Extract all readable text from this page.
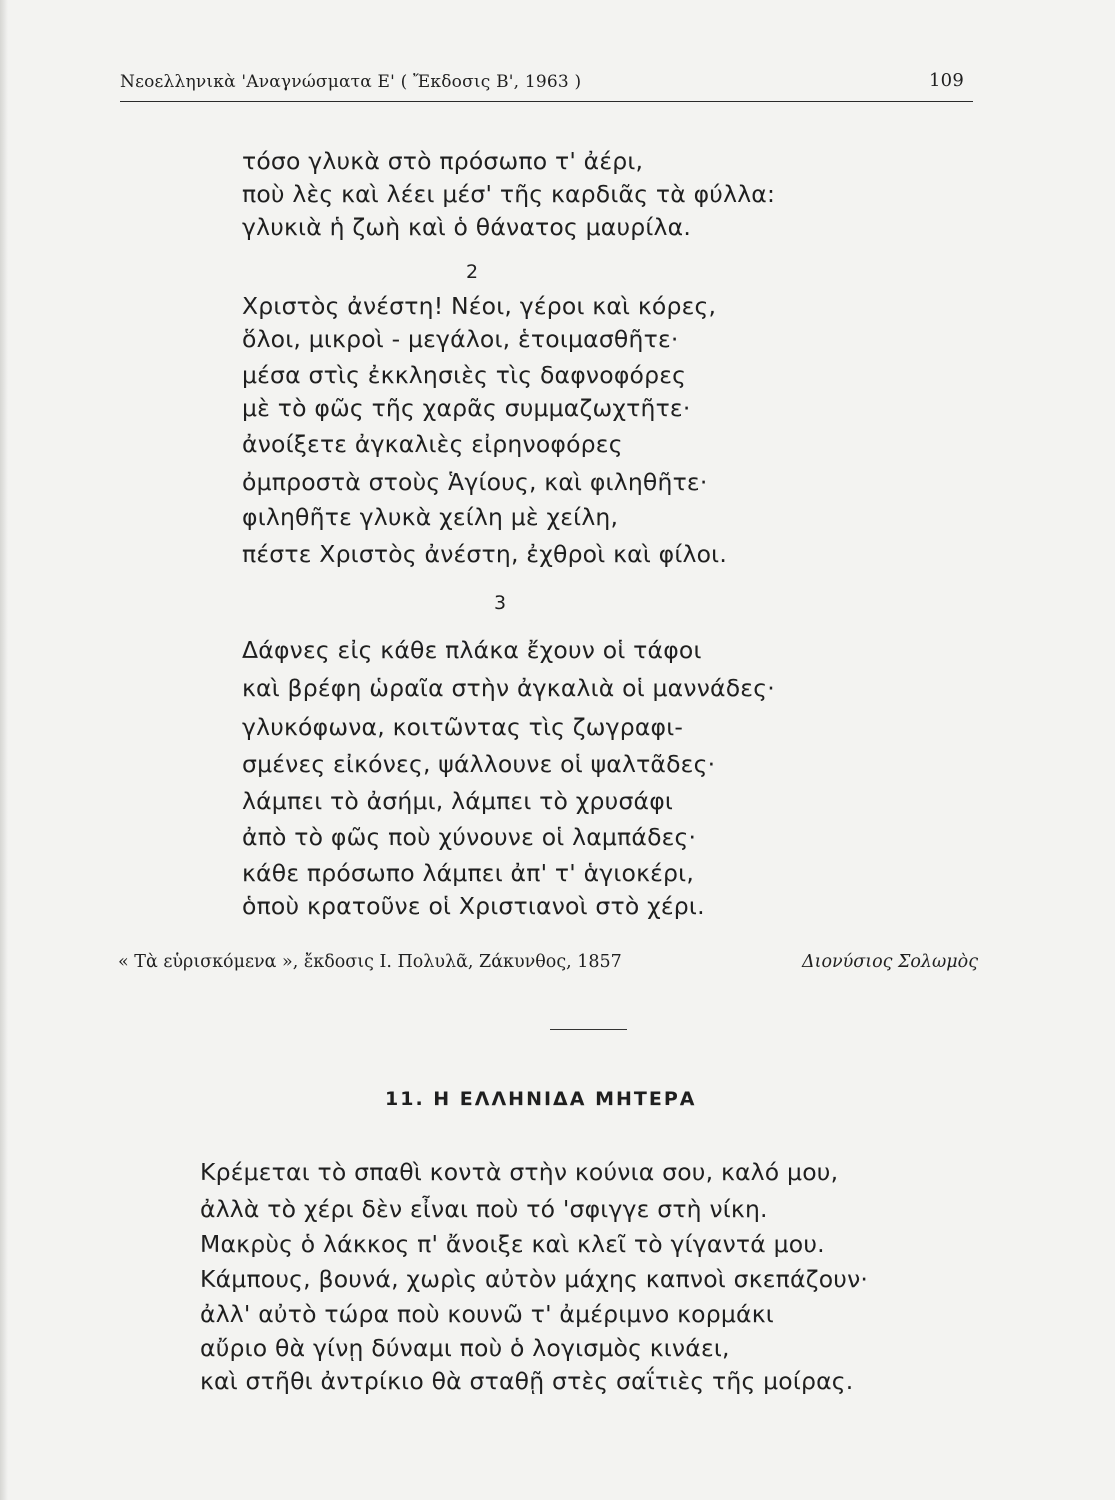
Νεοελληνικὰ 'Αναγνώσματα Ε' ( Ἔκδοσις Β', 1963 )	109
τόσο γλυκὰ στὸ πρόσωπο τ' ἀέρι,
ποὺ λὲς καὶ λέει μέσ' τῆς καρδιᾶς τὰ φύλλα:
γλυκιὰ ἡ ζωὴ καὶ ὁ θάνατος μαυρίλα.
2
Χριστὸς ἀνέστη! Νέοι, γέροι καὶ κόρες,
ὅλοι, μικροὶ - μεγάλοι, ἑτοιμασθῆτε·
μέσα στὶς ἐκκλησιὲς τὶς δαφνοφόρες
μὲ τὸ φῶς τῆς χαρᾶς συμμαζωχτῆτε·
ἀνοίξετε ἀγκαλιὲς εἰρηνοφόρες
ὀμπροστὰ στοὺς Ἁγίους, καὶ φιληθῆτε·
φιληθῆτε γλυκὰ χείλη μὲ χείλη,
πέστε Χριστὸς ἀνέστη, ἐχθροὶ καὶ φίλοι.
3
Δάφνες εἰς κάθε πλάκα ἔχουν οἱ τάφοι
καὶ βρέφη ὡραῖα στὴν ἀγκαλιὰ οἱ μαννάδες·
γλυκόφωνα, κοιτῶντας τὶς ζωγραφι-
σμένες εἰκόνες, ψάλλουνε οἱ ψαλτᾶδες·
λάμπει τὸ ἀσήμι, λάμπει τὸ χρυσάφι
ἀπὸ τὸ φῶς ποὺ χύνουνε οἱ λαμπάδες·
κάθε πρόσωπο λάμπει ἀπ' τ' ἁγιοκέρι,
ὁποὺ κρατοῦνε οἱ Χριστιανοὶ στὸ χέρι.
« Τὰ εὑρισκόμενα », ἔκδοσις Ι. Πολυλᾶ, Ζάκυνθος, 1857	Διονύσιος Σολωμὸς
11. Η ΕΛΛΗΝΙΔΑ ΜΗΤΕΡΑ
Κρέμεται τὸ σπαθὶ κοντὰ στὴν κούνια σου, καλό μου,
ἀλλὰ τὸ χέρι δὲν εἶναι ποὺ τό 'σφιγγε στὴ νίκη.
Μακρὺς ὁ λάκκος π' ἄνοιξε καὶ κλεῖ τὸ γίγαντά μου.
Κάμπους, βουνά, χωρὶς αὐτὸν μάχης καπνοὶ σκεπάζουν·
ἀλλ' αὐτὸ τώρα ποὺ κουνῶ τ' ἀμέριμνο κορμάκι
αὔριο θὰ γίνῃ δύναμι ποὺ ὁ λογισμὸς κινάει,
καὶ στῆθι ἀντρίκιο θὰ σταθῇ στὲς σαΐτιὲς τῆς μοίρας.
